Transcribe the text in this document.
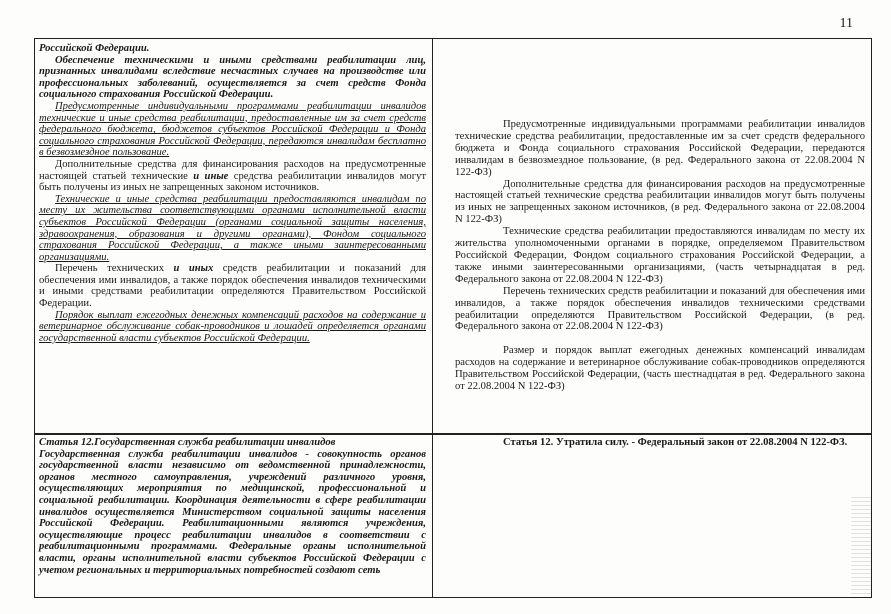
11

Российской Федерации.

Обеспечение техническими и иными средствами реабилитации лиц, признанных инвалидами вследствие несчастных случаев на производстве или профессиональных заболеваний, осуществляется за счет средств Фонда социального страхования Российской Федерации.

Предусмотренные индивидуальными программами реабилитации инвалидов технические и иные средства реабилитации, предоставленные им за счет средств федерального бюджета, бюджетов субъектов Российской Федерации и Фонда социального страхования Российской Федерации, передаются инвалидам бесплатно в безвозмездное пользование.

Дополнительные средства для финансирования расходов на предусмотренные настоящей статьей технические и иные средства реабилитации инвалидов могут быть получены из иных не запрещенных законом источников.

Технические и иные средства реабилитации предоставляются инвалидам по месту их жительства соответствующими органами исполнительной власти субъектов Российской Федерации (органами социальной защиты населения, здравоохранения, образования и другими органами), Фондом социального страхования Российской Федерации, а также иными заинтересованными организациями.

Перечень технических и иных средств реабилитации и показаний для обеспечения ими инвалидов, а также порядок обеспечения инвалидов техническими и иными средствами реабилитации определяются Правительством Российской Федерации.

Порядок выплат ежегодных денежных компенсаций расходов на содержание и ветеринарное обслуживание собак-проводников и лошадей определяется органами государственной власти субъектов Российской Федерации.

Предусмотренные индивидуальными программами реабилитации инвалидов технические средства реабилитации, предоставленные им за счет средств федерального бюджета и Фонда социального страхования Российской Федерации, передаются инвалидам в безвозмездное пользование, (в ред. Федерального закона от 22.08.2004 N 122-ФЗ)

Дополнительные средства для финансирования расходов на предусмотренные настоящей статьей технические средства реабилитации инвалидов могут быть получены из иных не запрещенных законом источников, (в ред. Федерального закона от 22.08.2004 N 122-ФЗ)

Технические средства реабилитации предоставляются инвалидам по месту их жительства уполномоченными органами в порядке, определяемом Правительством Российской Федерации, Фондом социального страхования Российской Федерации, а также иными заинтересованными организациями, (часть четырнадцатая в ред. Федерального закона от 22.08.2004 N 122-ФЗ)

Перечень технических средств реабилитации и показаний для обеспечения ими инвалидов, а также порядок обеспечения инвалидов техническими средствами реабилитации определяются Правительством Российской Федерации, (в ред. Федерального закона от 22.08.2004 N 122-ФЗ)

Размер и порядок выплат ежегодных денежных компенсаций инвалидам расходов на содержание и ветеринарное обслуживание собак-проводников определяются Правительством Российской Федерации, (часть шестнадцатая в ред. Федерального закона от 22.08.2004 N 122-ФЗ)

Статья 12.Государственная служба реабилитации инвалидов

Государственная служба реабилитации инвалидов - совокупность органов государственной власти независимо от ведомственной принадлежности, органов местного самоуправления, учреждений различного уровня, осуществляющих мероприятия по медицинской, профессиональной и социальной реабилитации. Координация деятельности в сфере реабилитации инвалидов осуществляется Министерством социальной защиты населения Российской Федерации. Реабилитационными являются учреждения, осуществляющие процесс реабилитации инвалидов в соответствии с реабилитационными программами. Федеральные органы исполнительной власти, органы исполнительной власти субъектов Российской Федерации с учетом региональных и территориальных потребностей создают сеть

Статья 12. Утратила силу. - Федеральный закон от 22.08.2004 N 122-ФЗ.
